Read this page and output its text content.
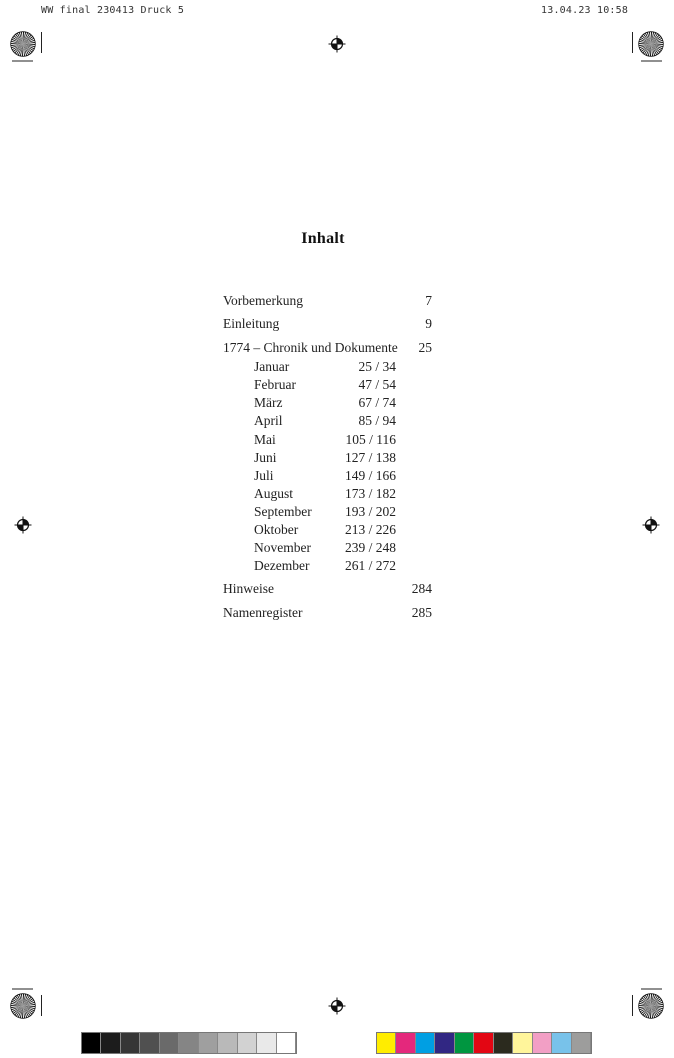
WW final 230413 Druck 5	13.04.23 10:58
Inhalt
Vorbemerkung	7
Einleitung	9
1774 – Chronik und Dokumente 25
Januar	25 / 34
Februar	47 / 54
März	67 / 74
April	85 / 94
Mai	105 / 116
Juni	127 / 138
Juli	149 / 166
August	173 / 182
September 193 / 202
Oktober	213 / 226
November	239 / 248
Dezember	261 / 272
Hinweise	284
Namenregister	285
